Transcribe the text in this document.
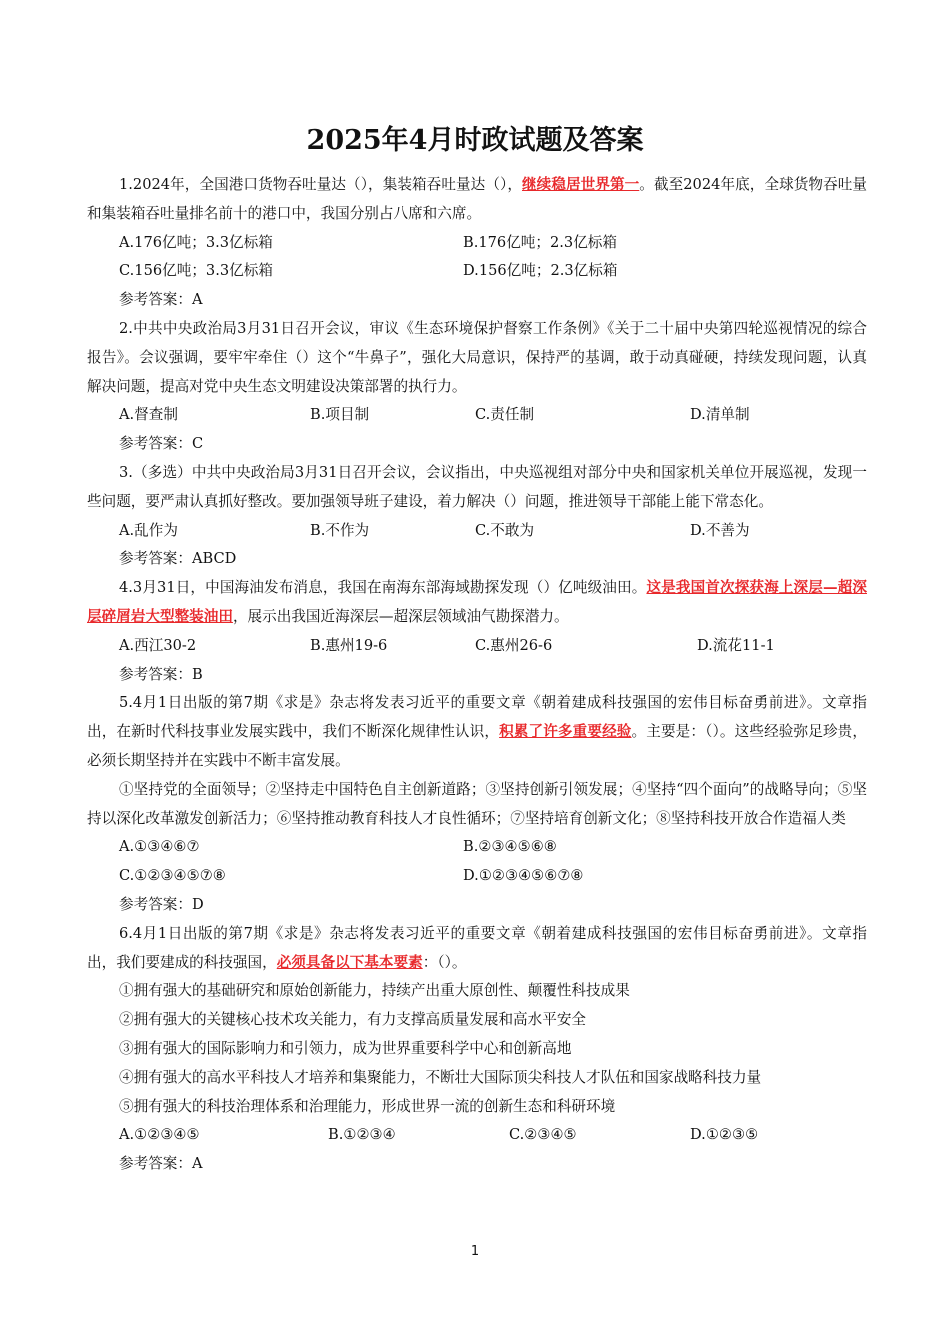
2025年4月时政试题及答案

1.2024年，全国港口货物吞吐量达（），集装箱吞吐量达（），继续稳居世界第一。截至2024年底，全球货物吞吐量和集装箱吞吐量排名前十的港口中，我国分别占八席和六席。

A.176亿吨；3.3亿标箱	B.176亿吨；2.3亿标箱
C.156亿吨；3.3亿标箱	D.156亿吨；2.3亿标箱

参考答案：A

2.中共中央政治局3月31日召开会议，审议《生态环境保护督察工作条例》《关于二十届中央第四轮巡视情况的综合报告》。会议强调，要牢牢牵住（）这个“牛鼻子”，强化大局意识，保持严的基调，敢于动真碰硬，持续发现问题，认真解决问题，提高对党中央生态文明建设决策部署的执行力。

A.督查制	B.项目制	C.责任制	D.清单制

参考答案：C

3.（多选）中共中央政治局3月31日召开会议，会议指出，中央巡视组对部分中央和国家机关单位开展巡视，发现一些问题，要严肃认真抓好整改。要加强领导班子建设，着力解决（）问题，推进领导干部能上能下常态化。

A.乱作为	B.不作为	C.不敢为	D.不善为

参考答案：ABCD

4.3月31日，中国海油发布消息，我国在南海东部海域勘探发现（）亿吨级油田。这是我国首次探获海上深层—超深层碎屑岩大型整装油田，展示出我国近海深层—超深层领域油气勘探潜力。

A.西江30-2	B.惠州19-6	C.惠州26-6	D.流花11-1

参考答案：B

5.4月1日出版的第7期《求是》杂志将发表习近平的重要文章《朝着建成科技强国的宏伟目标奋勇前进》。文章指出，在新时代科技事业发展实践中，我们不断深化规律性认识，积累了许多重要经验。主要是：（）。这些经验弥足珍贵，必须长期坚持并在实践中不断丰富发展。

①坚持党的全面领导；②坚持走中国特色自主创新道路；③坚持创新引领发展；④坚持“四个面向”的战略导向；⑤坚持以深化改革激发创新活力；⑥坚持推动教育科技人才良性循环；⑦坚持培育创新文化；⑧坚持科技开放合作造福人类

A.①③④⑥⑦	B.②③④⑤⑥⑧
C.①②③④⑤⑦⑧	D.①②③④⑤⑥⑦⑧

参考答案：D

6.4月1日出版的第7期《求是》杂志将发表习近平的重要文章《朝着建成科技强国的宏伟目标奋勇前进》。文章指出，我们要建成的科技强国，必须具备以下基本要素：（）。

①拥有强大的基础研究和原始创新能力，持续产出重大原创性、颠覆性科技成果

②拥有强大的关键核心技术攻关能力，有力支撑高质量发展和高水平安全

③拥有强大的国际影响力和引领力，成为世界重要科学中心和创新高地

④拥有强大的高水平科技人才培养和集聚能力，不断壮大国际顶尖科技人才队伍和国家战略科技力量

⑤拥有强大的科技治理体系和治理能力，形成世界一流的创新生态和科研环境

A.①②③④⑤	B.①②③④	C.②③④⑤	D.①②③⑤

参考答案：A

1
